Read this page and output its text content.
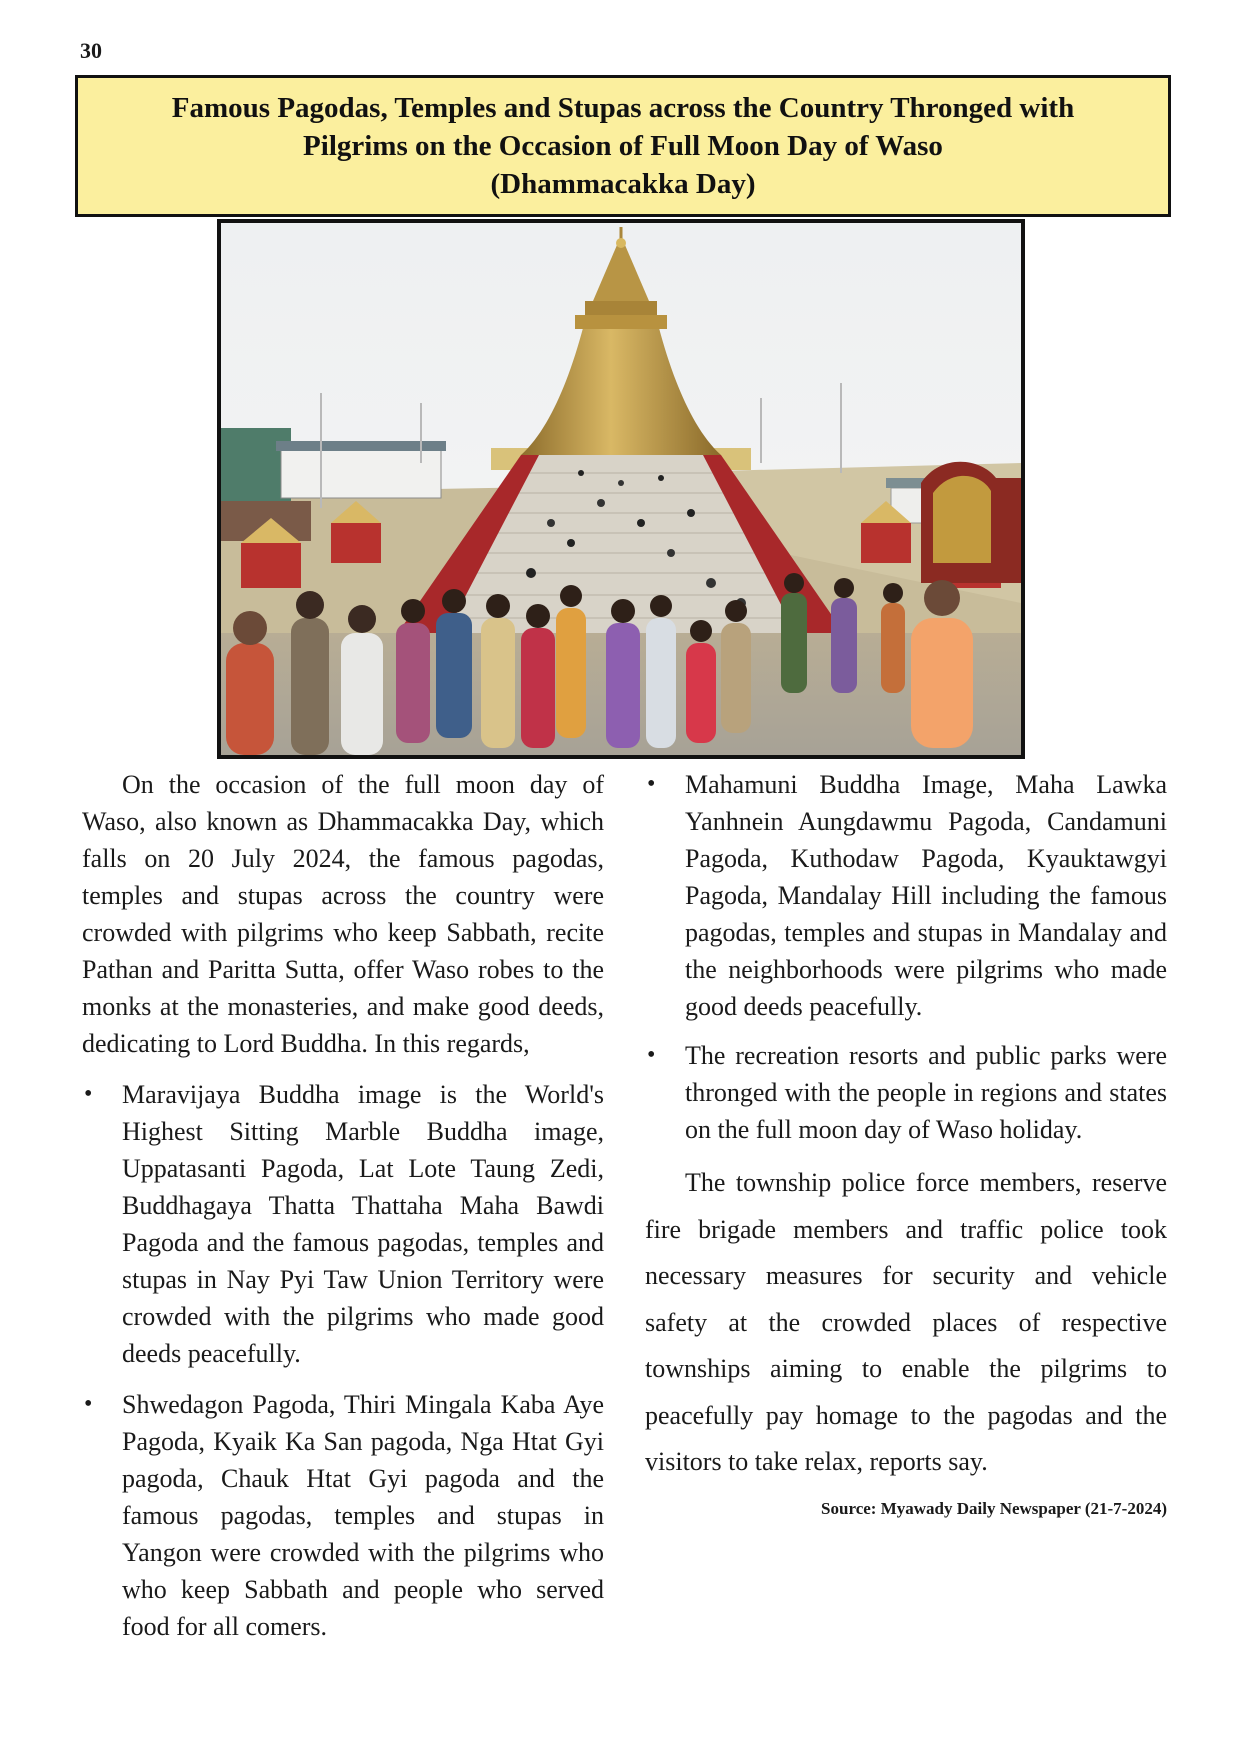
30
Famous Pagodas, Temples and Stupas across the Country Thronged with
Pilgrims on the Occasion of Full Moon Day of Waso
(Dhammacakka Day)

On the occasion of the full moon day of Waso, also known as Dhammacakka Day, which falls on 20 July 2024, the famous pagodas, temples and stupas across the country were crowded with pilgrims who keep Sabbath, recite Pathan and Paritta Sutta, offer Waso robes to the monks at the monasteries, and make good deeds, dedicating to Lord Buddha. In this regards,

• Maravijaya Buddha image is the World's Highest Sitting Marble Buddha image, Uppatasanti Pagoda, Lat Lote Taung Zedi, Buddhagaya Thatta Thattaha Maha Bawdi Pagoda and the famous pagodas, temples and stupas in Nay Pyi Taw Union Territory were crowded with the pilgrims who made good deeds peacefully.
• Shwedagon Pagoda, Thiri Mingala Kaba Aye Pagoda, Kyaik Ka San pagoda, Nga Htat Gyi pagoda, Chauk Htat Gyi pagoda and the famous pagodas, temples and stupas in Yangon were crowded with the pilgrims who who keep Sabbath and people who served food for all comers.
• Mahamuni Buddha Image, Maha Lawka Yanhnein Aungdawmu Pagoda, Candamuni Pagoda, Kuthodaw Pagoda, Kyauktawgyi Pagoda, Mandalay Hill including the famous pagodas, temples and stupas in Mandalay and the neighborhoods were pilgrims who made good deeds peacefully.
• The recreation resorts and public parks were thronged with the people in regions and states on the full moon day of Waso holiday.

The township police force members, reserve fire brigade members and traffic police took necessary measures for security and vehicle safety at the crowded places of respective townships aiming to enable the pilgrims to peacefully pay homage to the pagodas and the visitors to take relax, reports say.

Source: Myawady Daily Newspaper (21-7-2024)
